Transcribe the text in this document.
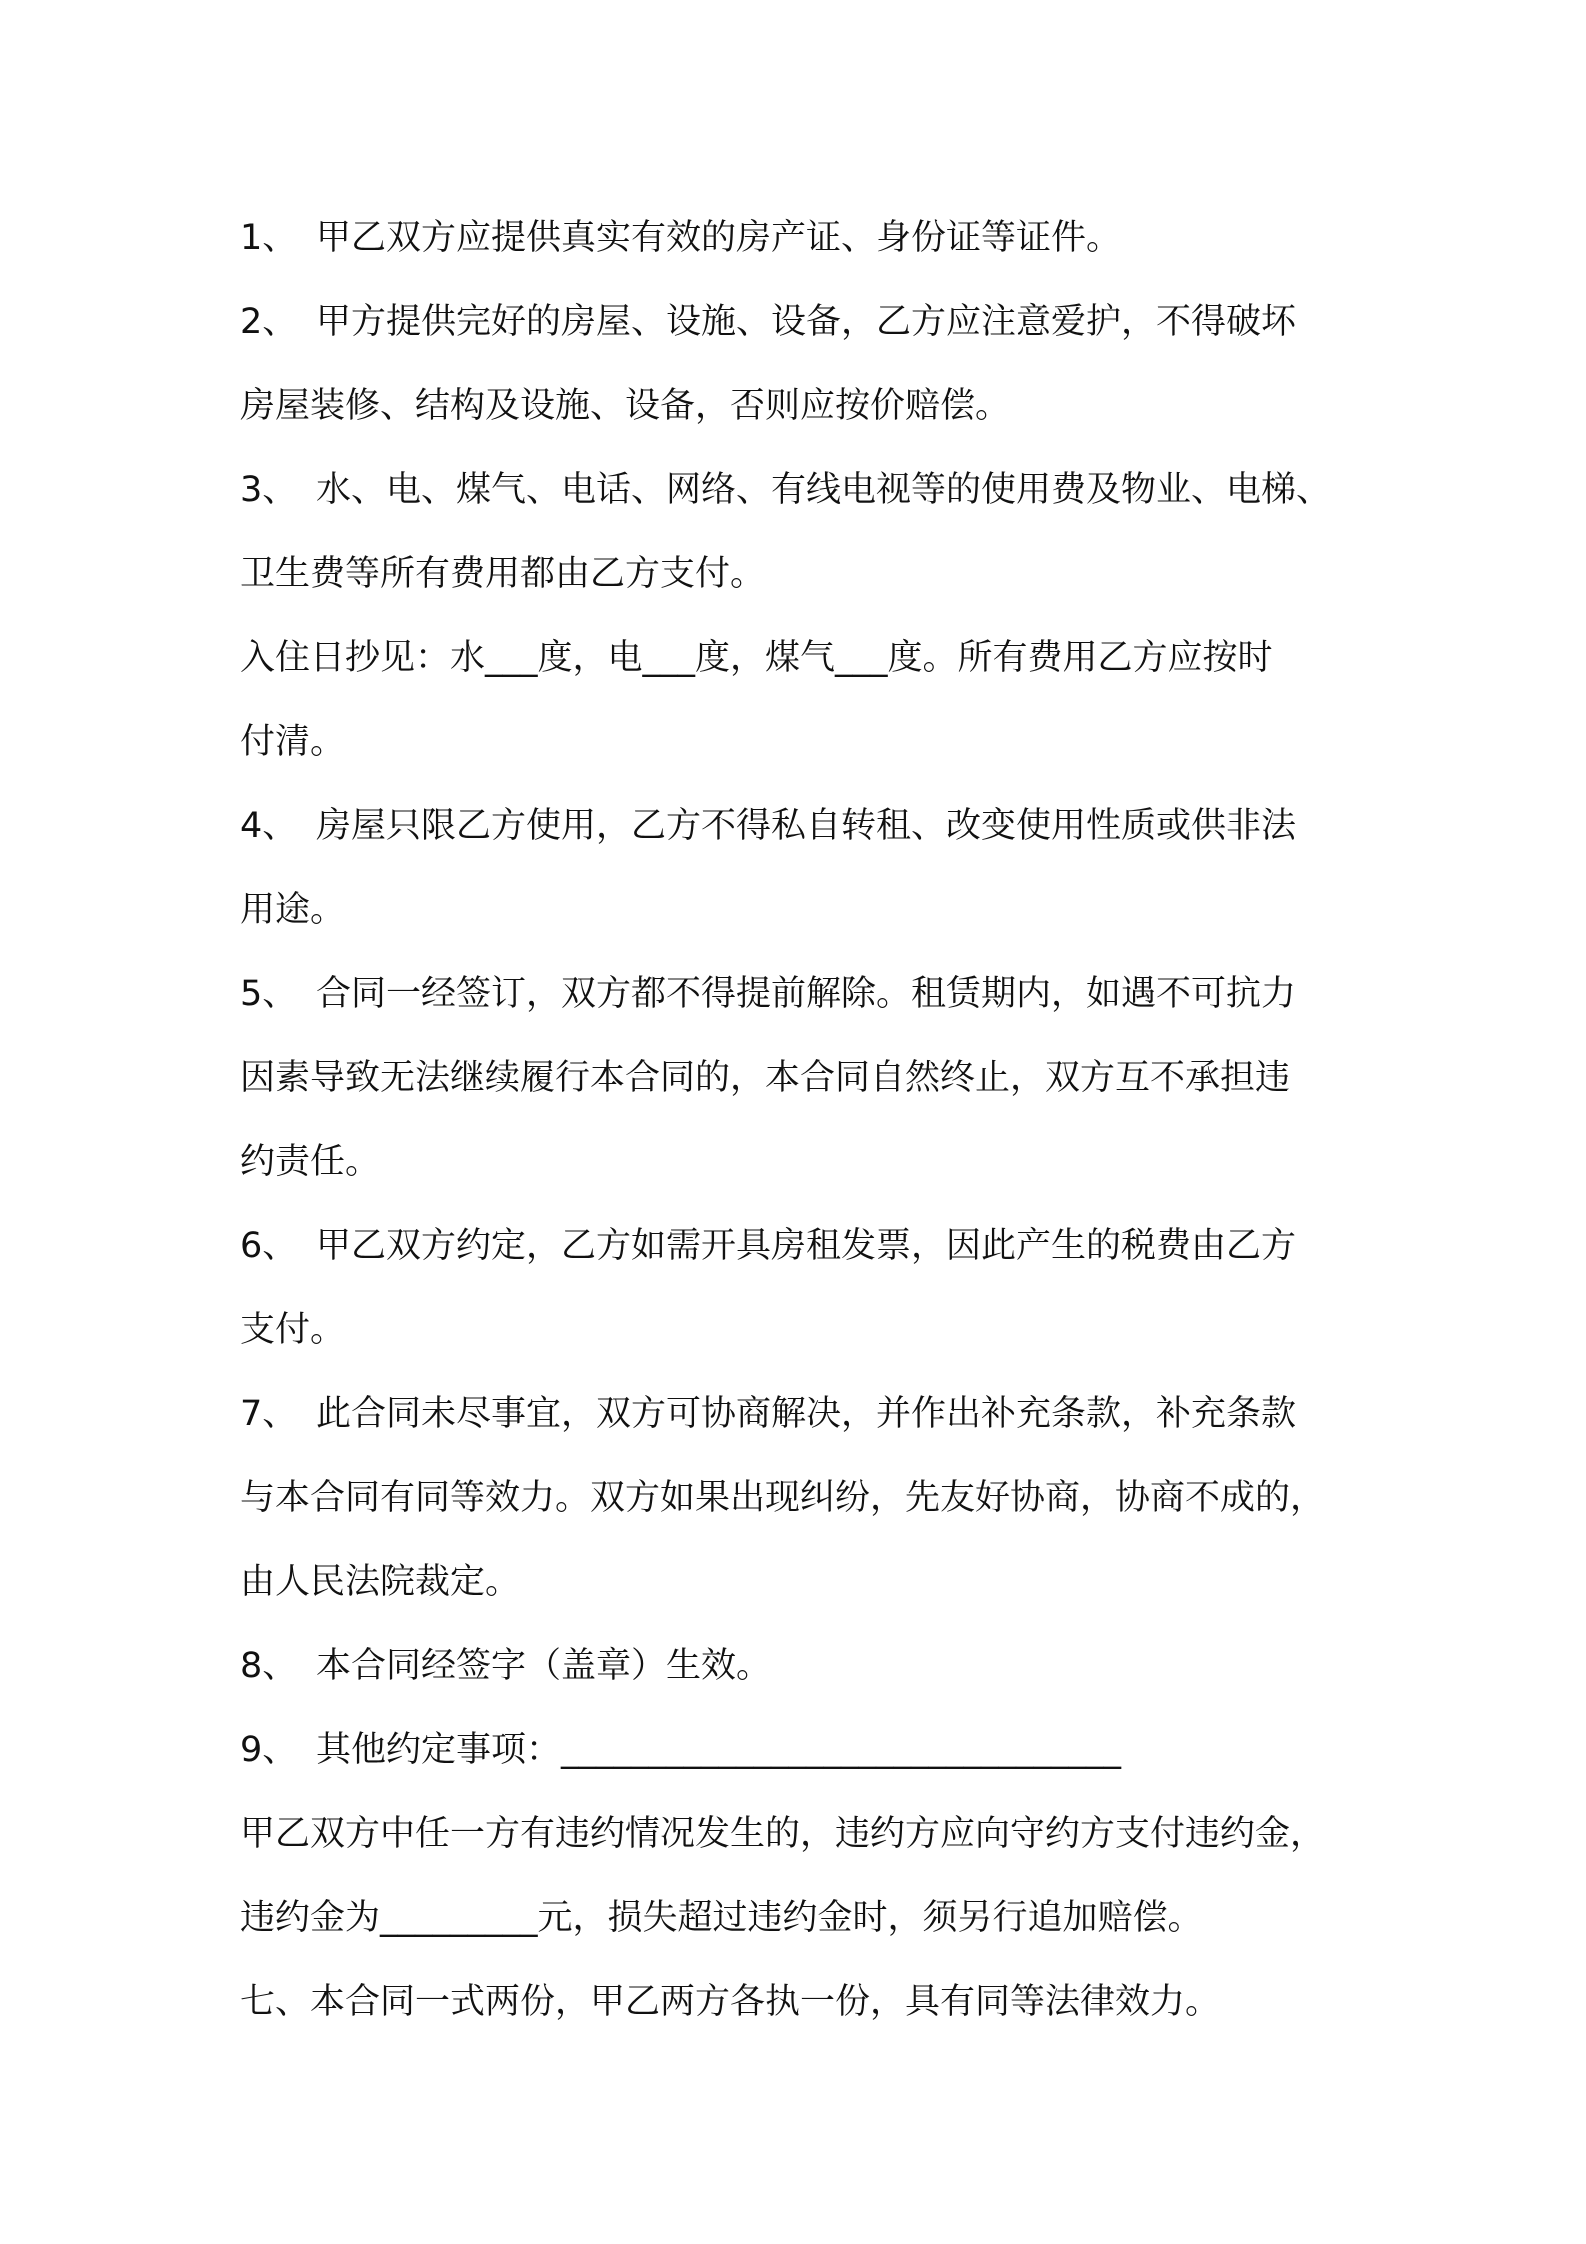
1、 甲乙双方应提供真实有效的房产证、身份证等证件。
2、 甲方提供完好的房屋、设施、设备，乙方应注意爱护，不得破坏
房屋装修、结构及设施、设备，否则应按价赔偿。
3、 水、电、煤气、电话、网络、有线电视等的使用费及物业、电梯、
卫生费等所有费用都由乙方支付。
入住日抄见：水___度，电___度，煤气___度。所有费用乙方应按时
付清。
4、 房屋只限乙方使用，乙方不得私自转租、改变使用性质或供非法
用途。
5、 合同一经签订，双方都不得提前解除。租赁期内，如遇不可抗力
因素导致无法继续履行本合同的，本合同自然终止，双方互不承担违
约责任。
6、 甲乙双方约定，乙方如需开具房租发票，因此产生的税费由乙方
支付。
7、 此合同未尽事宜，双方可协商解决，并作出补充条款，补充条款
与本合同有同等效力。双方如果出现纠纷，先友好协商，协商不成的，
由人民法院裁定。
8、 本合同经签字（盖章）生效。
9、 其他约定事项：________________________________
甲乙双方中任一方有违约情况发生的，违约方应向守约方支付违约金，
违约金为_________元，损失超过违约金时，须另行追加赔偿。
七、本合同一式两份，甲乙两方各执一份，具有同等法律效力。
